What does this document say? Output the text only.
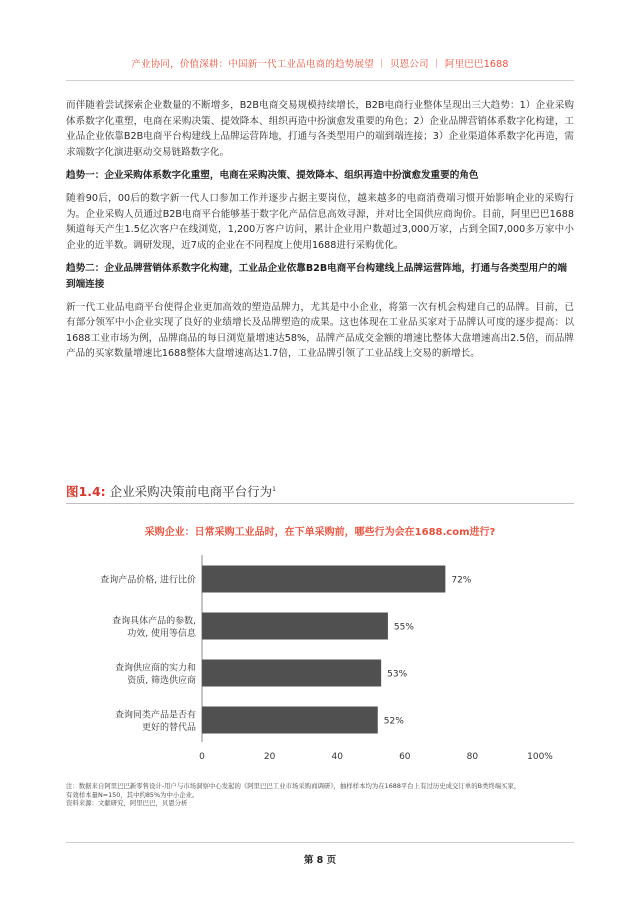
产业协同，价值深耕：中国新一代工业品电商的趋势展望 ｜ 贝恩公司 ｜ 阿里巴巴1688

而伴随着尝试探索企业数量的不断增多，B2B电商交易规模持续增长，B2B电商行业整体呈现出三大趋势：1）企业采购体系数字化重塑，电商在采购决策、提效降本、组织再造中扮演愈发重要的角色；2）企业品牌营销体系数字化构建，工业品企业依靠B2B电商平台构建线上品牌运营阵地，打通与各类型用户的端到端连接；3）企业渠道体系数字化再造，需求端数字化演进驱动交易链路数字化。

趋势一：企业采购体系数字化重塑，电商在采购决策、提效降本、组织再造中扮演愈发重要的角色

随着90后，00后的数字新一代人口参加工作并逐步占据主要岗位，越来越多的电商消费端习惯开始影响企业的采购行为。企业采购人员通过B2B电商平台能够基于数字化产品信息高效寻源，并对比全国供应商询价。目前，阿里巴巴1688频道每天产生1.5亿次客户在线浏览，1,200万客户访问，累计企业用户数超过3,000万家，占到全国7,000多万家中小企业的近半数。调研发现，近7成的企业在不同程度上使用1688进行采购优化。

趋势二：企业品牌营销体系数字化构建，工业品企业依靠B2B电商平台构建线上品牌运营阵地，打通与各类型用户的端到端连接

新一代工业品电商平台使得企业更加高效的塑造品牌力，尤其是中小企业，将第一次有机会构建自己的品牌。目前，已有部分领军中小企业实现了良好的业绩增长及品牌塑造的成果。这也体现在工业品买家对于品牌认可度的逐步提高：以1688工业市场为例，品牌商品的每日浏览量增速达58%，品牌产品成交金额的增速比整体大盘增速高出2.5倍，而品牌产品的买家数量增速比1688整体大盘增速高达1.7倍，工业品牌引领了工业品线上交易的新增长。

图1.4: 企业采购决策前电商平台行为$^1$
采购企业：日常采购工业品时，在下单采购前，哪些行为会在1688.com进行?
72%
查询产品价格, 进行比价
55%
查询具体产品的参数,
功效, 使用等信息
53%
查询供应商的实力和
资质, 筛选供应商
52%
查询同类产品是否有
更好的替代品
0	20	40	60	80	100%
注：数据来自阿里巴巴新零售设计-用户与市场洞察中心发起的《阿里巴巴工业市场采购商调研》，抽样样本均为在1688平台上有过历史成交订单的B类终端买家，
有效样本量N=150，其中约85%为中小企业。
资料来源：文献研究，阿里巴巴，贝恩分析
第 8 页
